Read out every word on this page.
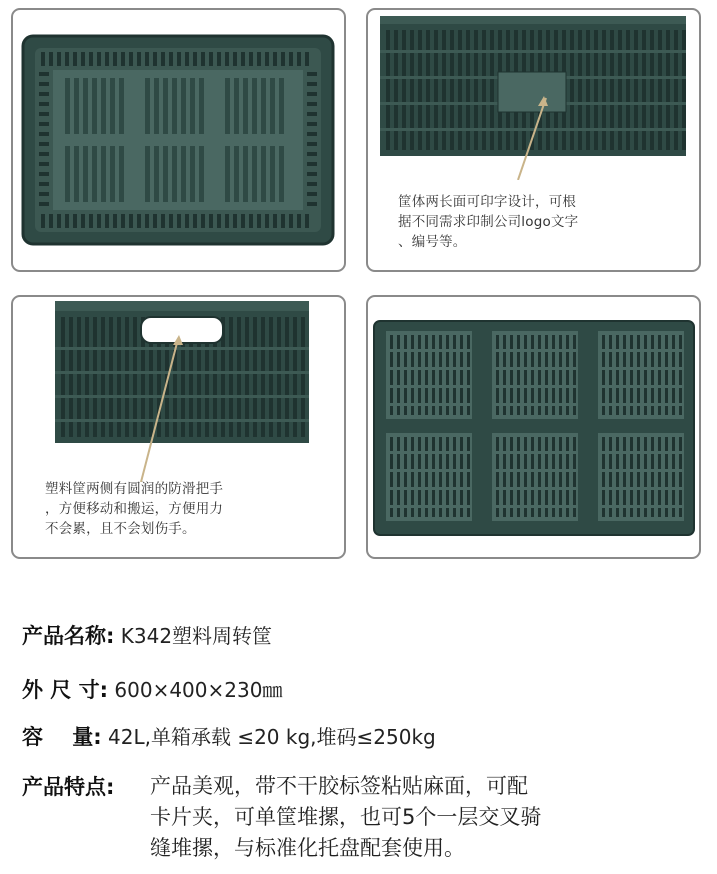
筐体两长面可印字设计，可根
据不同需求印制公司logo文字
、编号等。
塑料筐两侧有圆润的防滑把手
，方便移动和搬运，方便用力
不会累，且不会划伤手。
产品名称: K342塑料周转筐
外 尺 寸: 600×400×230㎜
容    量: 42L,单箱承载 ≤20 kg,堆码≤250kg
产品特点: 产品美观，带不干胶标签粘贴麻面，可配
卡片夹，可单筐堆摞，也可5个一层交叉骑
缝堆摞，与标准化托盘配套使用。
